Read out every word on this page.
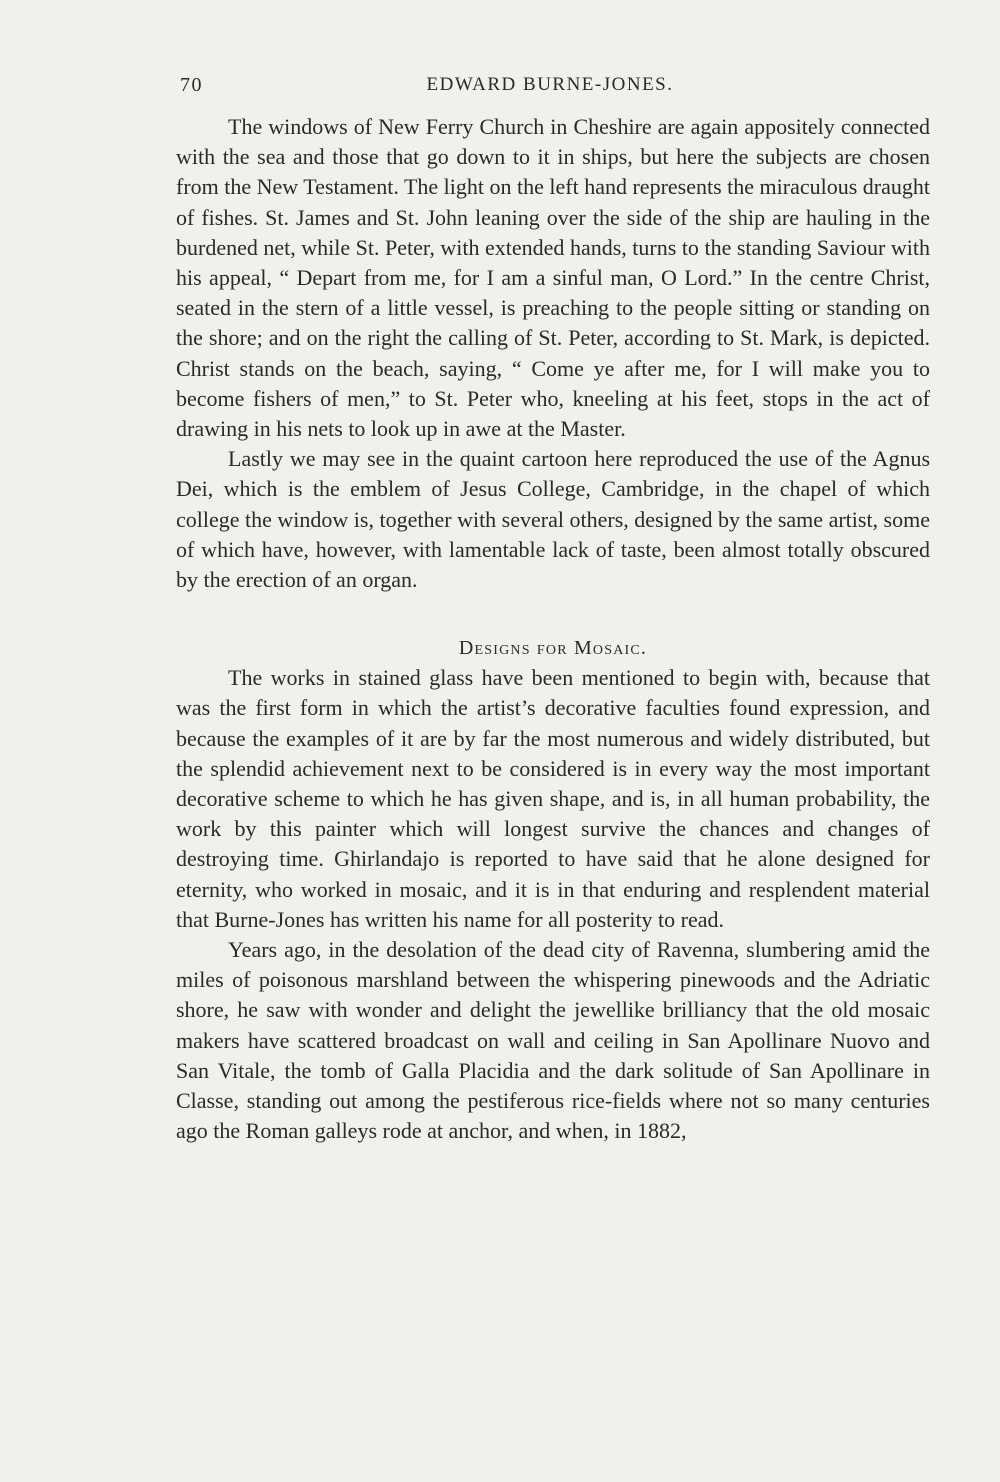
70	EDWARD BURNE-JONES.

The windows of New Ferry Church in Cheshire are again appositely connected with the sea and those that go down to it in ships, but here the subjects are chosen from the New Testament. The light on the left hand represents the miraculous draught of fishes. St. James and St. John leaning over the side of the ship are hauling in the burdened net, while St. Peter, with extended hands, turns to the standing Saviour with his appeal, “ Depart from me, for I am a sinful man, O Lord.” In the centre Christ, seated in the stern of a little vessel, is preaching to the people sitting or standing on the shore; and on the right the calling of St. Peter, according to St. Mark, is depicted. Christ stands on the beach, saying, “ Come ye after me, for I will make you to become fishers of men,” to St. Peter who, kneeling at his feet, stops in the act of drawing in his nets to look up in awe at the Master.

Lastly we may see in the quaint cartoon here reproduced the use of the Agnus Dei, which is the emblem of Jesus College, Cambridge, in the chapel of which college the window is, together with several others, designed by the same artist, some of which have, however, with lamentable lack of taste, been almost totally obscured by the erection of an organ.

Designs for Mosaic.

The works in stained glass have been mentioned to begin with, because that was the first form in which the artist’s decorative faculties found expression, and because the examples of it are by far the most numerous and widely distributed, but the splendid achievement next to be considered is in every way the most important decorative scheme to which he has given shape, and is, in all human probability, the work by this painter which will longest survive the chances and changes of destroying time. Ghirlandajo is reported to have said that he alone designed for eternity, who worked in mosaic, and it is in that enduring and resplendent material that Burne-Jones has written his name for all posterity to read.

Years ago, in the desolation of the dead city of Ravenna, slumbering amid the miles of poisonous marshland between the whispering pinewoods and the Adriatic shore, he saw with wonder and delight the jewellike brilliancy that the old mosaic makers have scattered broadcast on wall and ceiling in San Apollinare Nuovo and San Vitale, the tomb of Galla Placidia and the dark solitude of San Apollinare in Classe, standing out among the pestiferous rice-fields where not so many centuries ago the Roman galleys rode at anchor, and when, in 1882,
